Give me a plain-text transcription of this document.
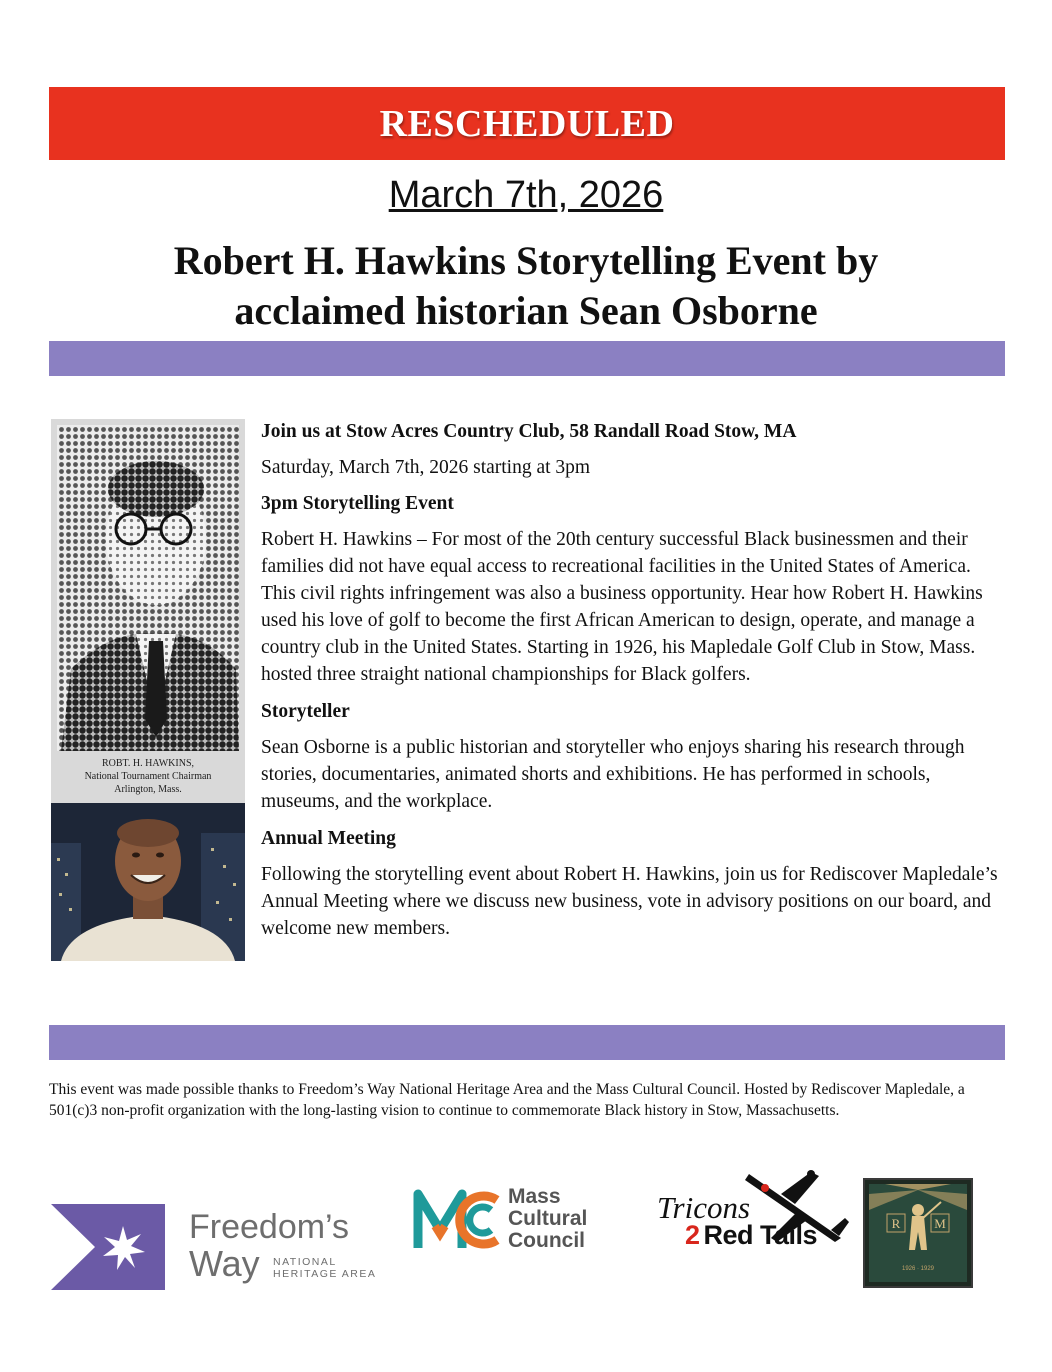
RESCHEDULED
March 7th, 2026
Robert H. Hawkins Storytelling Event by
acclaimed historian Sean Osborne
ROBT. H. HAWKINS,
National Tournament Chairman
Arlington, Mass.

Join us at Stow Acres Country Club, 58 Randall Road Stow, MA

Saturday, March 7th, 2026 starting at 3pm

3pm Storytelling Event

Robert H. Hawkins – For most of the 20th century successful Black businessmen and their families did not have equal access to recreational facilities in the United States of America. This civil rights infringement was also a business opportunity. Hear how Robert H. Hawkins used his love of golf to become the first African American to design, operate, and manage a country club in the United States. Starting in 1926, his Mapledale Golf Club in Stow, Mass. hosted three straight national championships for Black golfers.

Storyteller

Sean Osborne is a public historian and storyteller who enjoys sharing his research through stories, documentaries, animated shorts and exhibitions. He has performed in schools, museums, and the workplace.

Annual Meeting

Following the storytelling event about Robert H. Hawkins, join us for Rediscover Mapledale’s Annual Meeting where we discuss new business, vote in advisory positions on our board, and welcome new members.

This event was made possible thanks to Freedom’s Way National Heritage Area and the Mass Cultural Council. Hosted by Rediscover Mapledale, a 501(c)3 non-profit organization with the long-lasting vision to continue to commemorate Black history in Stow, Massachusetts.
Freedom’s
Way NATIONAL
HERITAGE AREA
Mass
Cultural
Council
Tricons
2 Red Tails	R	M
1926 · 1929
